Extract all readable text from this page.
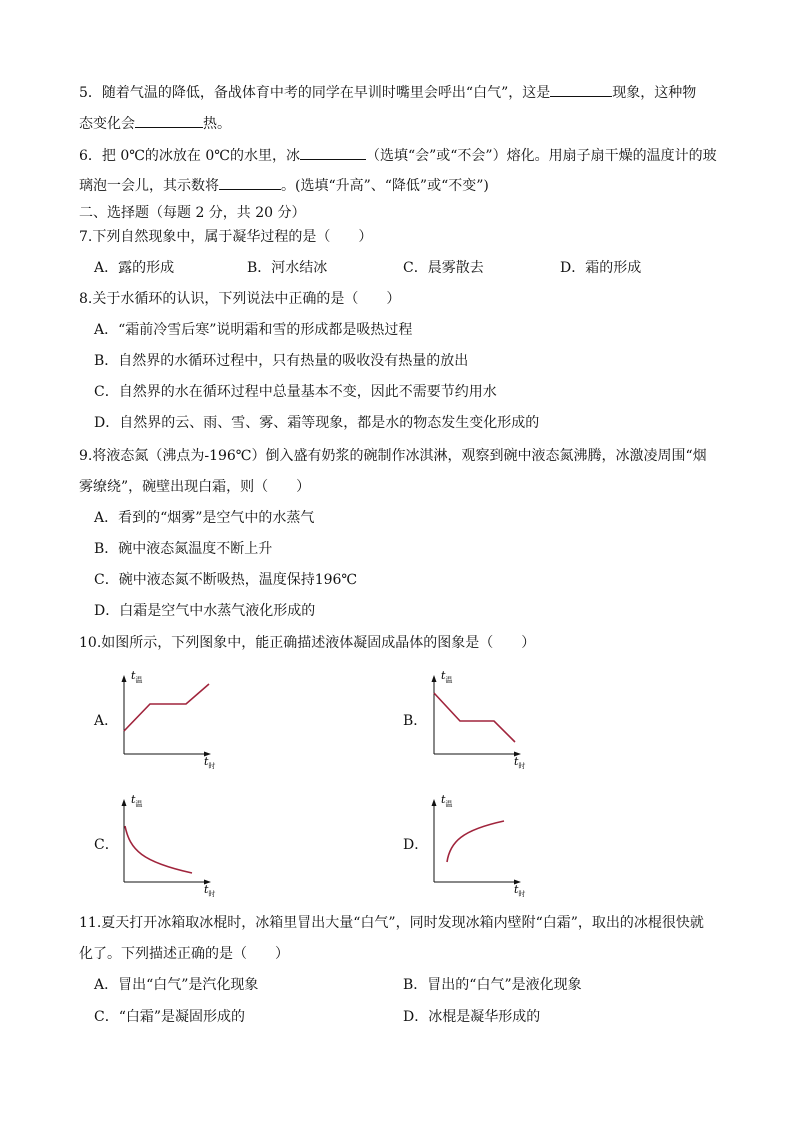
5．随着气温的降低，备战体育中考的同学在早训时嘴里会呼出“白气”，这是	现象，这种物
态变化会	热。
6．把 0℃的冰放在 0℃的水里，冰	（选填“会”或“不会”）熔化。用扇子扇干燥的温度计的玻
璃泡一会儿，其示数将	。(选填“升高”、“降低”或“不变”)
二、选择题（每题 2 分，共 20 分）
7.下列自然现象中，属于凝华过程的是（　　）
A．露的形成	B．河水结冰	C．晨雾散去	D．霜的形成
8.关于水循环的认识，下列说法中正确的是（　　）
A．“霜前冷雪后寒”说明霜和雪的形成都是吸热过程
B．自然界的水循环过程中，只有热量的吸收没有热量的放出
C．自然界的水在循环过程中总量基本不变，因此不需要节约用水
D．自然界的云、雨、雪、雾、霜等现象，都是水的物态发生变化形成的
9.将液态氮（沸点为-196℃）倒入盛有奶浆的碗制作冰淇淋，观察到碗中液态氮沸腾，冰激凌周围“烟
雾缭绕”，碗壁出现白霜，则（　　）
A．看到的“烟雾”是空气中的水蒸气
B．碗中液态氮温度不断上升
C．碗中液态氮不断吸热，温度保持196℃
D．白霜是空气中水蒸气液化形成的
10.如图所示，下列图象中，能正确描述液体凝固成晶体的图象是（　　）
A．	B．
C．	D．
$t_温$
$t_时$
$t_温$
$t_时$
$t_温$
$t_时$
$t_温$
$t_时$
11.夏天打开冰箱取冰棍时，冰箱里冒出大量“白气”，同时发现冰箱内壁附“白霜”，取出的冰棍很快就
化了。下列描述正确的是（　　）
A．冒出“白气”是汽化现象	B．冒出的“白气”是液化现象
C．“白霜”是凝固形成的	D．冰棍是凝华形成的
